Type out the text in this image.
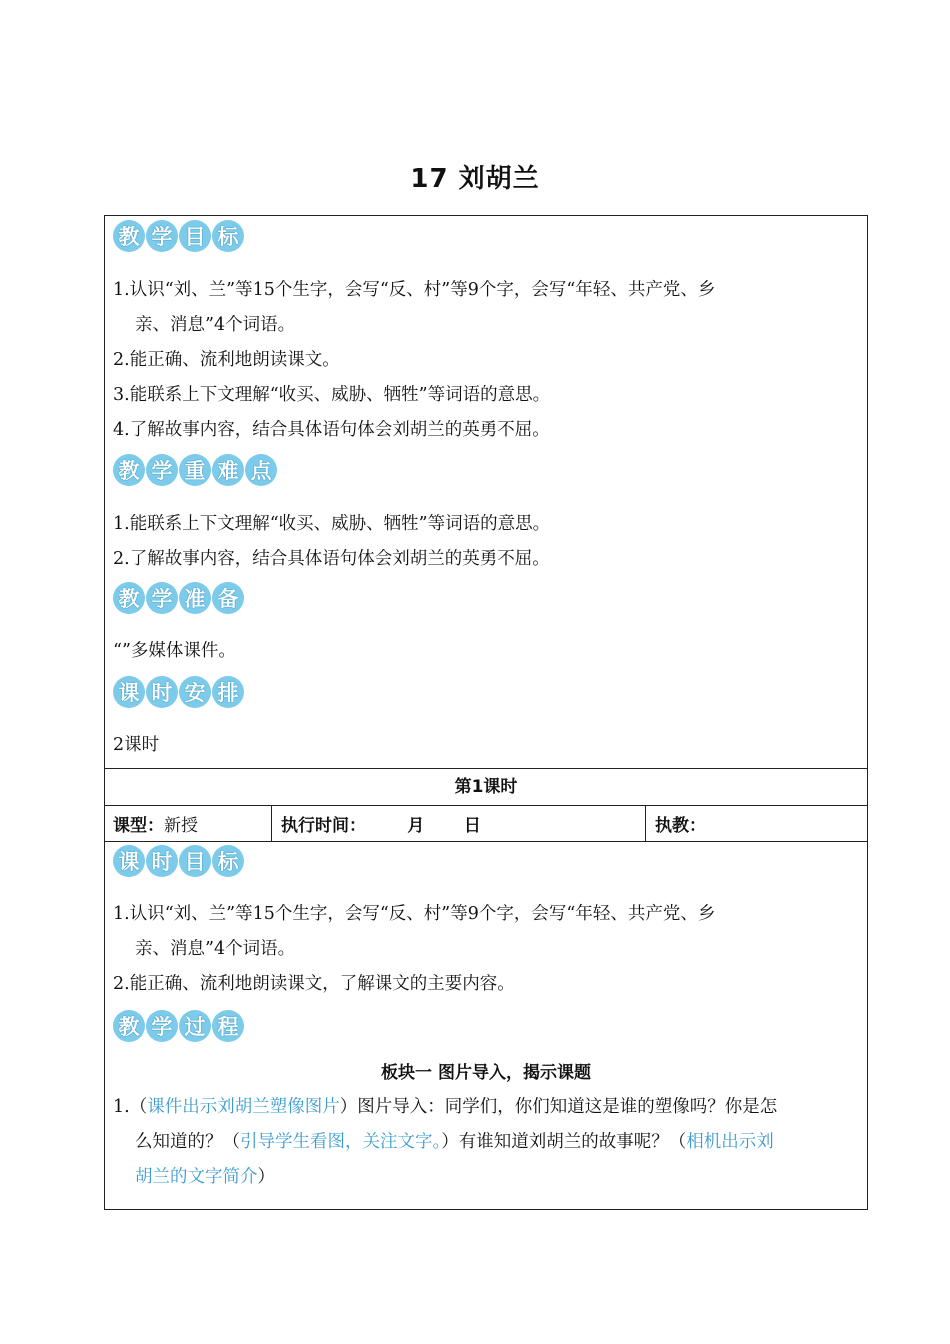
17 刘胡兰
教 学 目 标
1.认识“刘、兰”等15个生字，会写“反、村”等9个字，会写“年轻、共产党、乡
亲、消息”4个词语。
2.能正确、流利地朗读课文。
3.能联系上下文理解“收买、威胁、牺牲”等词语的意思。
4.了解故事内容，结合具体语句体会刘胡兰的英勇不屈。
教 学 重 难 点
1.能联系上下文理解“收买、威胁、牺牲”等词语的意思。
2.了解故事内容，结合具体语句体会刘胡兰的英勇不屈。
教 学 准 备
“”多媒体课件。
课 时 安 排
2课时
第1课时
课型：新授	执行时间： 月 日	执教：
课 时 目 标
1.认识“刘、兰”等15个生字，会写“反、村”等9个字，会写“年轻、共产党、乡
亲、消息”4个词语。
2.能正确、流利地朗读课文，了解课文的主要内容。
教 学 过 程
板块一 图片导入，揭示课题
1.（课件出示刘胡兰塑像图片）图片导入：同学们，你们知道这是谁的塑像吗？你是怎
么知道的？（引导学生看图，关注文字。）有谁知道刘胡兰的故事呢？（相机出示刘
胡兰的文字简介）
